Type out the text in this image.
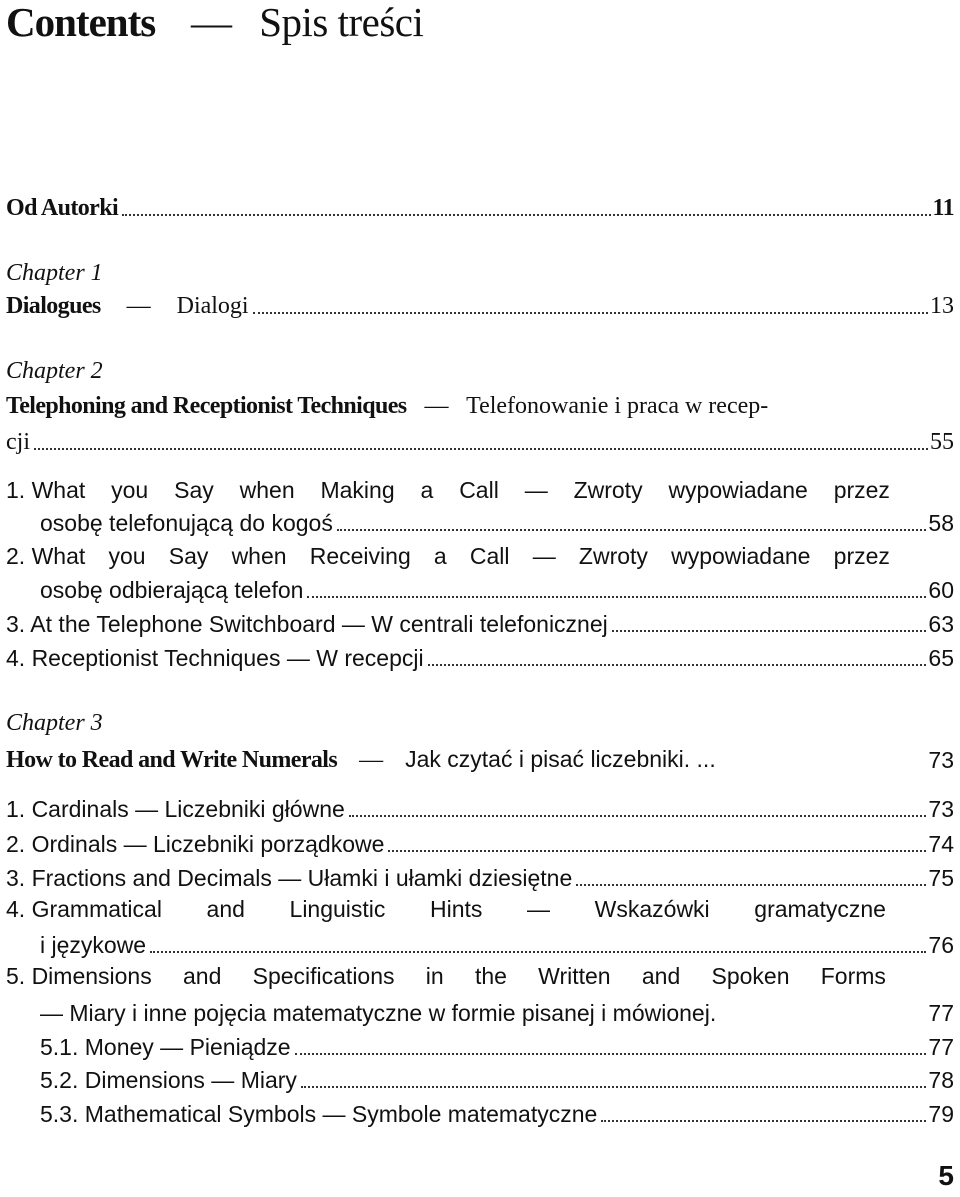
Contents — Spis treści
Od Autorki	11
Chapter 1
Dialogues — Dialogi	13
Chapter 2
Telephoning and Receptionist Techniques — Telefonowanie i praca w recep-
cji	55
1. What you Say when Making a Call — Zwroty wypowiadane przez
osobę telefonującą do kogoś	58
2. What you Say when Receiving a Call — Zwroty wypowiadane przez
osobę odbierającą telefon	60
3. At the Telephone Switchboard — W centrali telefonicznej	63
4. Receptionist Techniques — W recepcji	65
Chapter 3
How to Read and Write Numerals — Jak czytać i pisać liczebniki. ...	73
1. Cardinals — Liczebniki główne	73
2. Ordinals — Liczebniki porządkowe	74
3. Fractions and Decimals — Ułamki i ułamki dziesiętne	75
4. Grammatical and Linguistic Hints — Wskazówki gramatyczne
i językowe	76
5. Dimensions and Specifications in the Written and Spoken Forms
— Miary i inne pojęcia matematyczne w formie pisanej i mówionej.	77
5.1. Money — Pieniądze	77
5.2. Dimensions — Miary	78
5.3. Mathematical Symbols — Symbole matematyczne	79
5
